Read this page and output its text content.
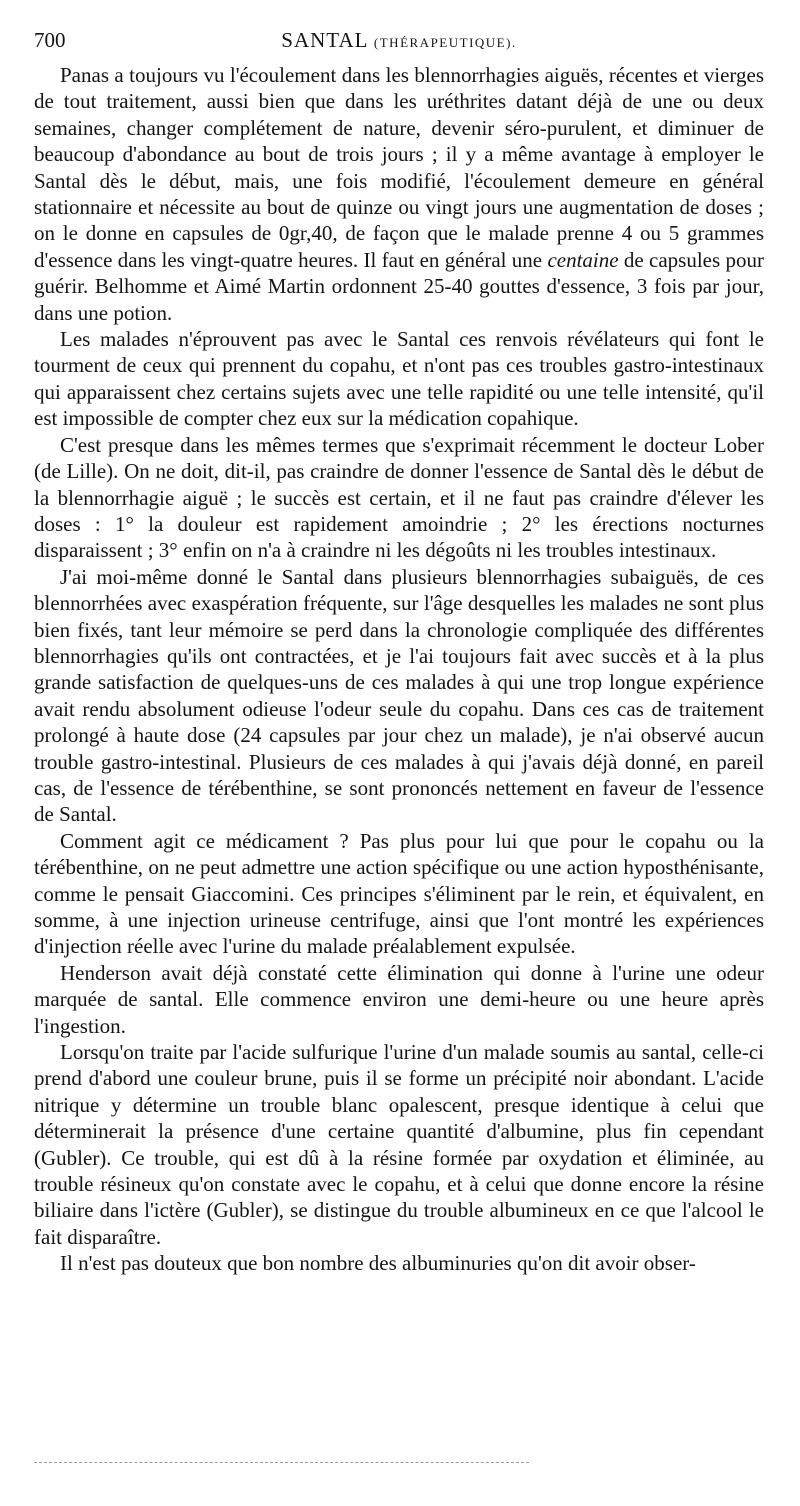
700	SANTAL (THÉRAPEUTIQUE).

Panas a toujours vu l'écoulement dans les blennorrhagies aiguës, récentes et vierges de tout traitement, aussi bien que dans les uréthrites datant déjà de une ou deux semaines, changer complétement de nature, devenir séro-purulent, et diminuer de beaucoup d'abondance au bout de trois jours ; il y a même avantage à employer le Santal dès le début, mais, une fois modifié, l'écoulement demeure en général stationnaire et nécessite au bout de quinze ou vingt jours une augmentation de doses ; on le donne en capsules de 0gr,40, de façon que le malade prenne 4 ou 5 grammes d'essence dans les vingt-quatre heures. Il faut en général une centaine de capsules pour guérir. Belhomme et Aimé Martin ordonnent 25-40 gouttes d'essence, 3 fois par jour, dans une potion.

Les malades n'éprouvent pas avec le Santal ces renvois révélateurs qui font le tourment de ceux qui prennent du copahu, et n'ont pas ces troubles gastro-intestinaux qui apparaissent chez certains sujets avec une telle rapidité ou une telle intensité, qu'il est impossible de compter chez eux sur la médication copahique.

C'est presque dans les mêmes termes que s'exprimait récemment le docteur Lober (de Lille). On ne doit, dit-il, pas craindre de donner l'essence de Santal dès le début de la blennorrhagie aiguë ; le succès est certain, et il ne faut pas craindre d'élever les doses : 1° la douleur est rapidement amoindrie ; 2° les érections nocturnes disparaissent ; 3° enfin on n'a à craindre ni les dégoûts ni les troubles intestinaux.

J'ai moi-même donné le Santal dans plusieurs blennorrhagies subaiguës, de ces blennorrhées avec exaspération fréquente, sur l'âge desquelles les malades ne sont plus bien fixés, tant leur mémoire se perd dans la chronologie compliquée des différentes blennorrhagies qu'ils ont contractées, et je l'ai toujours fait avec succès et à la plus grande satisfaction de quelques-uns de ces malades à qui une trop longue expérience avait rendu absolument odieuse l'odeur seule du copahu. Dans ces cas de traitement prolongé à haute dose (24 capsules par jour chez un malade), je n'ai observé aucun trouble gastro-intestinal. Plusieurs de ces malades à qui j'avais déjà donné, en pareil cas, de l'essence de térébenthine, se sont prononcés nettement en faveur de l'essence de Santal.

Comment agit ce médicament ? Pas plus pour lui que pour le copahu ou la térébenthine, on ne peut admettre une action spécifique ou une action hyposthénisante, comme le pensait Giaccomini. Ces principes s'éliminent par le rein, et équivalent, en somme, à une injection urineuse centrifuge, ainsi que l'ont montré les expériences d'injection réelle avec l'urine du malade préalablement expulsée.

Henderson avait déjà constaté cette élimination qui donne à l'urine une odeur marquée de santal. Elle commence environ une demi-heure ou une heure après l'ingestion.

Lorsqu'on traite par l'acide sulfurique l'urine d'un malade soumis au santal, celle-ci prend d'abord une couleur brune, puis il se forme un précipité noir abondant. L'acide nitrique y détermine un trouble blanc opalescent, presque identique à celui que déterminerait la présence d'une certaine quantité d'albumine, plus fin cependant (Gubler). Ce trouble, qui est dû à la résine formée par oxydation et éliminée, au trouble résineux qu'on constate avec le copahu, et à celui que donne encore la résine biliaire dans l'ictère (Gubler), se distingue du trouble albumineux en ce que l'alcool le fait disparaître.

Il n'est pas douteux que bon nombre des albuminuries qu'on dit avoir obser-
